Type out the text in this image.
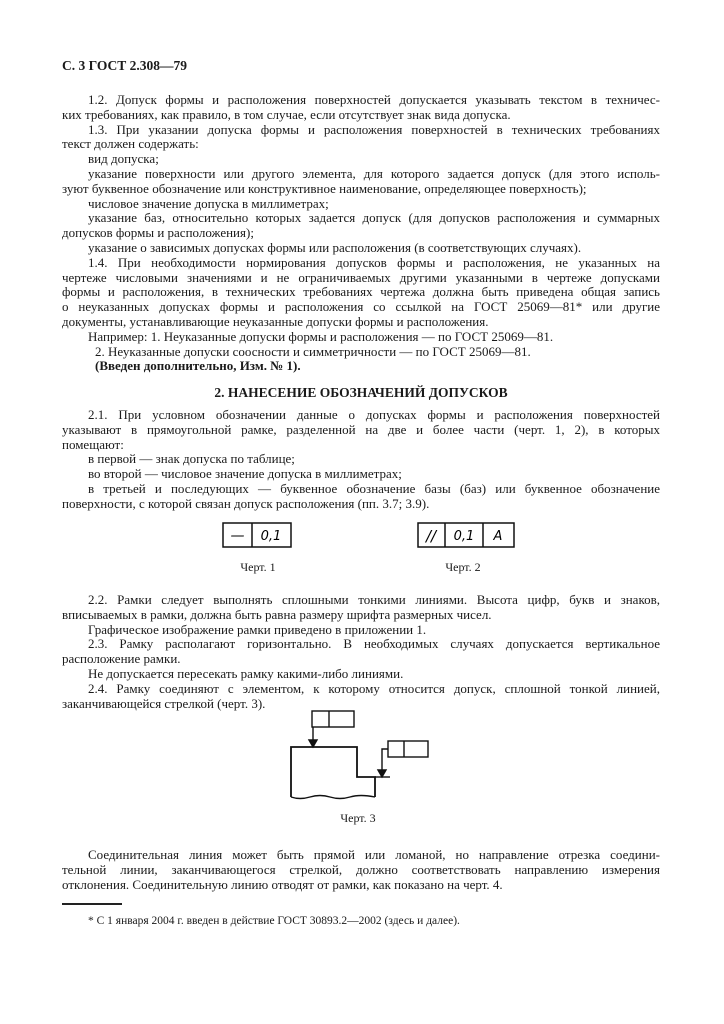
С. 3 ГОСТ 2.308—79
1.2. Допуск формы и расположения поверхностей допускается указывать текстом в техничес-
ких требованиях, как правило, в том случае, если отсутствует знак вида допуска.
1.3. При указании допуска формы и расположения поверхностей в технических требованиях
текст должен содержать:
вид допуска;
указание поверхности или другого элемента, для которого задается допуск (для этого исполь-
зуют буквенное обозначение или конструктивное наименование, определяющее поверхность);
числовое значение допуска в миллиметрах;
указание баз, относительно которых задается допуск (для допусков расположения и суммарных
допусков формы и расположения);
указание о зависимых допусках формы или расположения (в соответствующих случаях).
1.4. При необходимости нормирования допусков формы и расположения, не указанных на
чертеже числовыми значениями и не ограничиваемых другими указанными в чертеже допусками
формы и расположения, в технических требованиях чертежа должна быть приведена общая запись
о неуказанных допусках формы и расположения со ссылкой на ГОСТ 25069—81* или другие
документы, устанавливающие неуказанные допуски формы и расположения.
Например: 1. Неуказанные допуски формы и расположения — по ГОСТ 25069—81.
2. Неуказанные допуски соосности и симметричности — по ГОСТ 25069—81.
(Введен дополнительно, Изм. № 1).
2. НАНЕСЕНИЕ ОБОЗНАЧЕНИЙ ДОПУСКОВ
2.1. При условном обозначении данные о допусках формы и расположения поверхностей
указывают в прямоугольной рамке, разделенной на две и более части (черт. 1, 2), в которых
помещают:
в первой — знак допуска по таблице;
во второй — числовое значение допуска в миллиметрах;
в третьей и последующих — буквенное обозначение базы (баз) или буквенное обозначение
поверхности, с которой связан допуск расположения (пп. 3.7; 3.9).
— 0,1	// 0,1 A
Черт. 1	Черт. 2
2.2. Рамки следует выполнять сплошными тонкими линиями. Высота цифр, букв и знаков,
вписываемых в рамки, должна быть равна размеру шрифта размерных чисел.
Графическое изображение рамки приведено в приложении 1.
2.3. Рамку располагают горизонтально. В необходимых случаях допускается вертикальное
расположение рамки.
Не допускается пересекать рамку какими-либо линиями.
2.4. Рамку соединяют с элементом, к которому относится допуск, сплошной тонкой линией,
заканчивающейся стрелкой (черт. 3).
Черт. 3
Соединительная линия может быть прямой или ломаной, но направление отрезка соедини-
тельной линии, заканчивающегося стрелкой, должно соответствовать направлению измерения
отклонения. Соединительную линию отводят от рамки, как показано на черт. 4.
* С 1 января 2004 г. введен в действие ГОСТ 30893.2—2002 (здесь и далее).
